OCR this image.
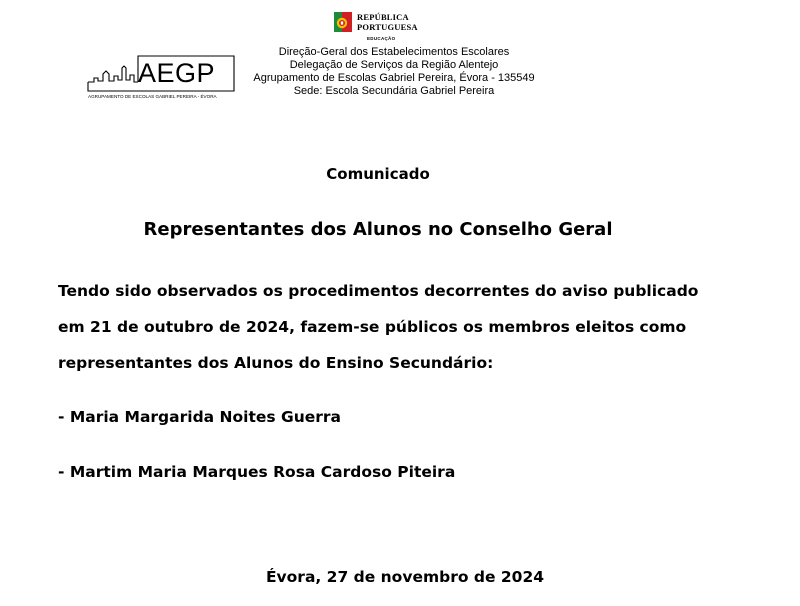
REPÚBLICA
PORTUGUESA
EDUCAÇÃO
Direção-Geral dos Estabelecimentos Escolares
Delegação de Serviços da Região Alentejo
Agrupamento de Escolas Gabriel Pereira, Évora - 135549
Sede: Escola Secundária Gabriel Pereira
AEGP
AGRUPAMENTO DE ESCOLAS GABRIEL PEREIRA - ÉVORA
Comunicado
Representantes dos Alunos no Conselho Geral
Tendo sido observados os procedimentos decorrentes do aviso publicado
em 21 de outubro de 2024, fazem-se públicos os membros eleitos como
representantes dos Alunos do Ensino Secundário:
- Maria Margarida Noites Guerra
- Martim Maria Marques Rosa Cardoso Piteira
Évora, 27 de novembro de 2024
